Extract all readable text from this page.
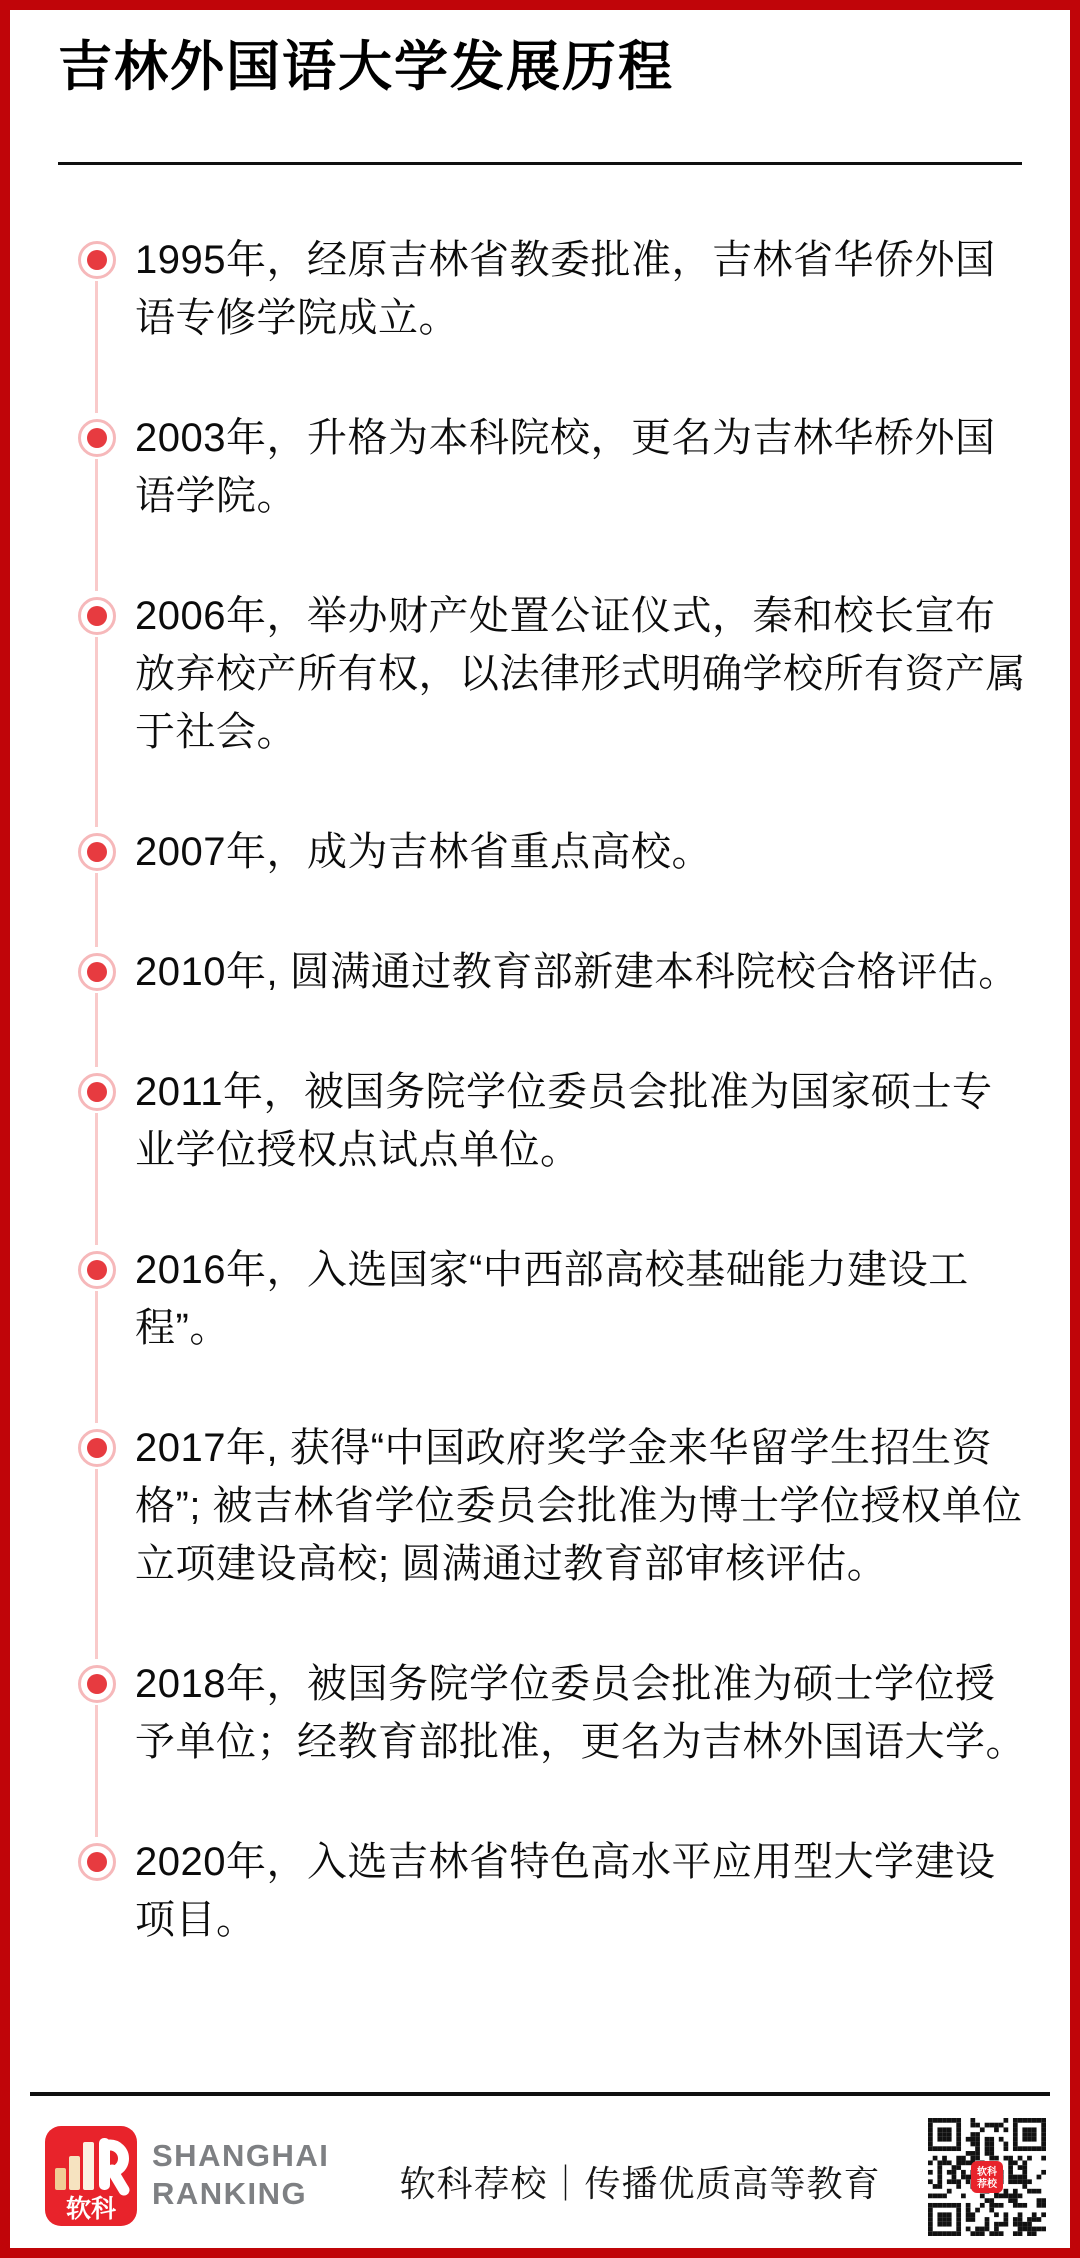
吉林外国语大学发展历程
1995年，经原吉林省教委批准，吉林省华侨外国语专修学院成立。
2003年，升格为本科院校，更名为吉林华桥外国语学院。
2006年，举办财产处置公证仪式，秦和校长宣布放弃校产所有权，以法律形式明确学校所有资产属于社会。
2007年，成为吉林省重点高校。
2010年, 圆满通过教育部新建本科院校合格评估。
2011年，被国务院学位委员会批准为国家硕士专业学位授权点试点单位。
2016年，入选国家“中西部高校基础能力建设工程”。
2017年, 获得“中国政府奖学金来华留学生招生资格”; 被吉林省学位委员会批准为博士学位授权单位立项建设高校; 圆满通过教育部审核评估。
2018年，被国务院学位委员会批准为硕士学位授予单位；经教育部批准，更名为吉林外国语大学。
2020年，入选吉林省特色高水平应用型大学建设项目。
软科
SHANGHAI
RANKING	软科荐校｜传播优质高等教育	软科
荐校
